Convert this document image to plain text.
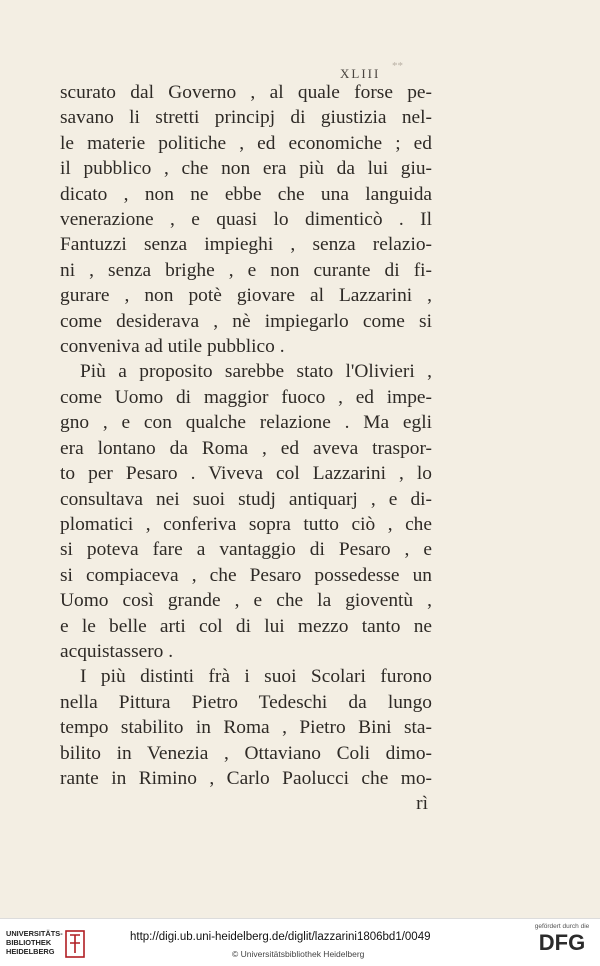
XLIII **
scurato dal Governo , al quale forse pe-
savano li stretti principj di giustizia nel-
le materie politiche , ed economiche ; ed
il pubblico , che non era più da lui giu-
dicato , non ne ebbe che una languida
venerazione , e quasi lo dimenticò . Il
Fantuzzi senza impieghi , senza relazio-
ni , senza brighe , e non curante di fi-
gurare , non potè giovare al Lazzarini ,
come desiderava , nè impiegarlo come si
conveniva ad utile pubblico .
Più a proposito sarebbe stato l'Olivieri ,
come Uomo di maggior fuoco , ed impe-
gno , e con qualche relazione . Ma egli
era lontano da Roma , ed aveva traspor-
to per Pesaro . Viveva col Lazzarini , lo
consultava nei suoi studj antiquarj , e di-
plomatici , conferiva sopra tutto ciò , che
si poteva fare a vantaggio di Pesaro , e
si compiaceva , che Pesaro possedesse un
Uomo così grande , e che la gioventù ,
e le belle arti col di lui mezzo tanto ne
acquistassero .
I più distinti frà i suoi Scolari furono
nella Pittura Pietro Tedeschi da lungo
tempo stabilito in Roma , Pietro Bini sta-
bilito in Venezia , Ottaviano Coli dimo-
rante in Rimino , Carlo Paolucci che mo-
rì
UNIVERSITÄTS-
BIBLIOTHEK
HEIDELBERG
http://digi.ub.uni-heidelberg.de/diglit/lazzarini1806bd1/0049
© Universitätsbibliothek Heidelberg
gefördert durch die
DFG
